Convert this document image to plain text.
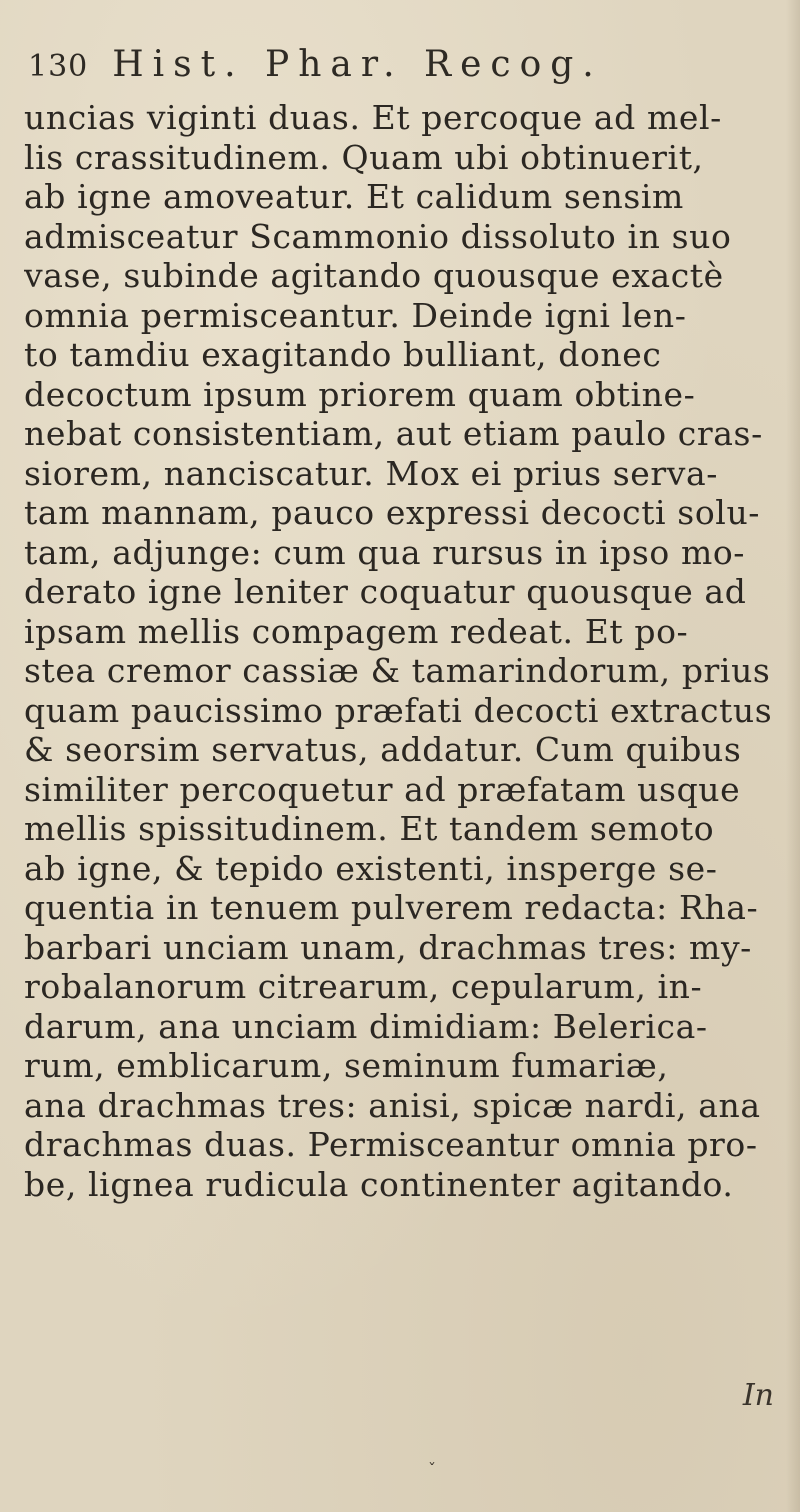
130 Hist. Phar. Recog.
uncias viginti duas. Et percoque ad mel-
lis crassitudinem. Quam ubi obtinuerit,
ab igne amoveatur. Et calidum sensim
admisceatur Scammonio dissoluto in suo
vase, subinde agitando quousque exactè
omnia permisceantur. Deinde igni len-
to tamdiu exagitando bulliant, donec
decoctum ipsum priorem quam obtine-
nebat consistentiam, aut etiam paulo cras-
siorem, nanciscatur. Mox ei prius serva-
tam mannam, pauco expressi decocti solu-
tam, adjunge: cum qua rursus in ipso mo-
derato igne leniter coquatur quousque ad
ipsam mellis compagem redeat. Et po-
stea cremor cassiæ & tamarindorum, prius
quam paucissimo præfati decocti extractus
& seorsim servatus, addatur. Cum quibus
similiter percoquetur ad præfatam usque
mellis spissitudinem. Et tandem semoto
ab igne, & tepido existenti, insperge se-
quentia in tenuem pulverem redacta: Rha-
barbari unciam unam, drachmas tres: my-
robalanorum citrearum, cepularum, in-
darum, ana unciam dimidiam: Belerica-
rum, emblicarum, seminum fumariæ,
ana drachmas tres: anisi, spicæ nardi, ana
drachmas duas. Permisceantur omnia pro-
be, lignea rudicula continenter agitando.
In
ˇ
